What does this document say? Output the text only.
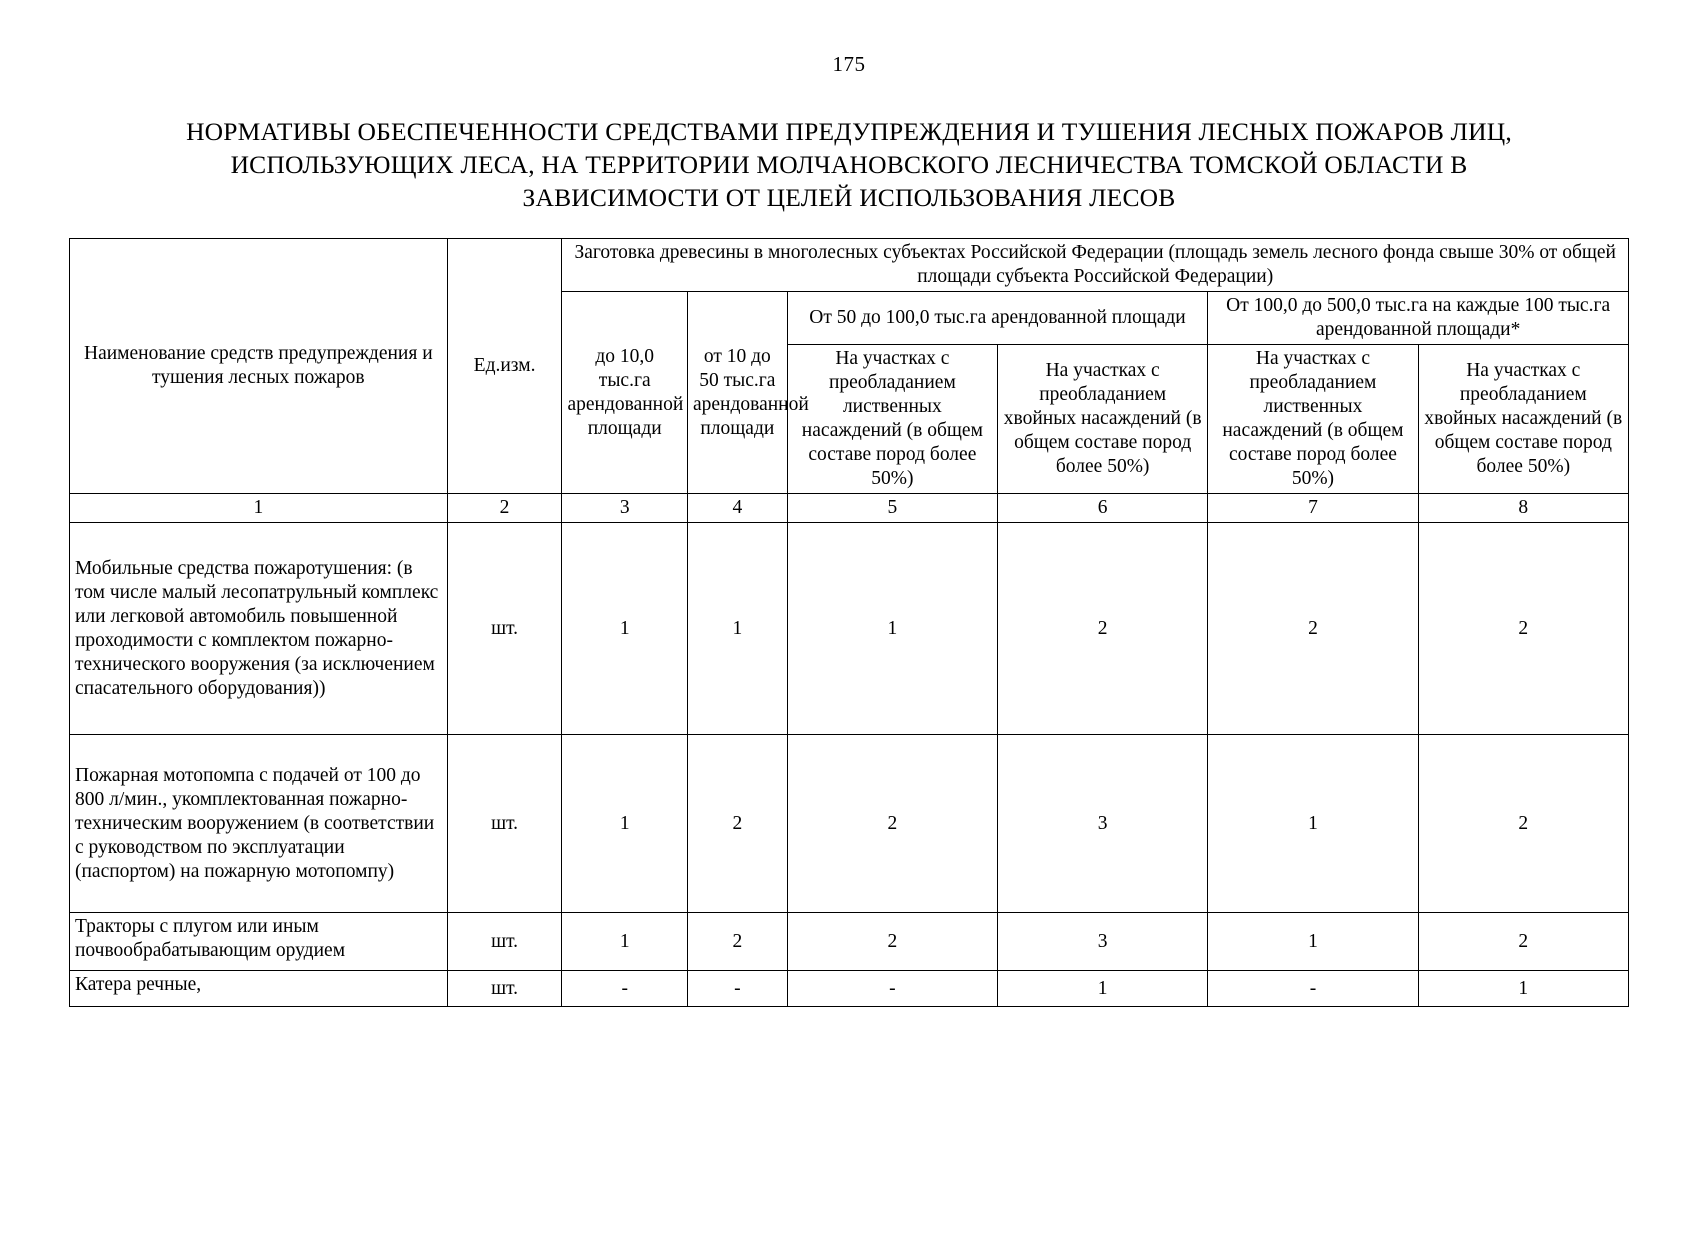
175
НОРМАТИВЫ ОБЕСПЕЧЕННОСТИ СРЕДСТВАМИ ПРЕДУПРЕЖДЕНИЯ И ТУШЕНИЯ ЛЕСНЫХ ПОЖАРОВ ЛИЦ, ИСПОЛЬЗУЮЩИХ ЛЕСА, НА ТЕРРИТОРИИ МОЛЧАНОВСКОГО ЛЕСНИЧЕСТВА ТОМСКОЙ ОБЛАСТИ В ЗАВИСИМОСТИ ОТ ЦЕЛЕЙ ИСПОЛЬЗОВАНИЯ ЛЕСОВ
Наименование средств предупреждения и тушения лесных пожаров	Ед.изм.	Заготовка древесины в многолесных субъектах Российской Федерации (площадь земель лесного фонда свыше 30% от общей площади субъекта Российской Федерации)					
		до 10,0 тыс.га арендованной площади	от 10 до 50 тыс.га арендованной площади	От 50 до 100,0 тыс.га арендованной площади		От 100,0 до 500,0 тыс.га на каждые 100 тыс.га арендованной площади*	
				На участках с преобладанием лиственных насаждений (в общем составе пород более 50%)	На участках с преобладанием хвойных насаждений (в общем составе пород более 50%)	На участках с преобладанием лиственных насаждений (в общем составе пород более 50%)	На участках с преобладанием хвойных насаждений (в общем составе пород более 50%)

1	2	3	4	5	6	7	8
Мобильные средства пожаротушения: (в том числе малый лесопатрульный комплекс или легковой автомобиль повышенной проходимости с комплектом пожарно-технического вооружения (за исключением спасательного оборудования))	шт.	1	1	1	2	2	2
Пожарная мотопомпа с подачей от 100 до 800 л/мин., укомплектованная пожарно-техническим вооружением (в соответствии с руководством по эксплуатации (паспортом) на пожарную мотопомпу)	шт.	1	2	2	3	1	2
Тракторы с плугом или иным почвообрабатывающим орудием	шт.	1	2	2	3	1	2
Катера речные,	шт.	-	-	-	1	-	1
